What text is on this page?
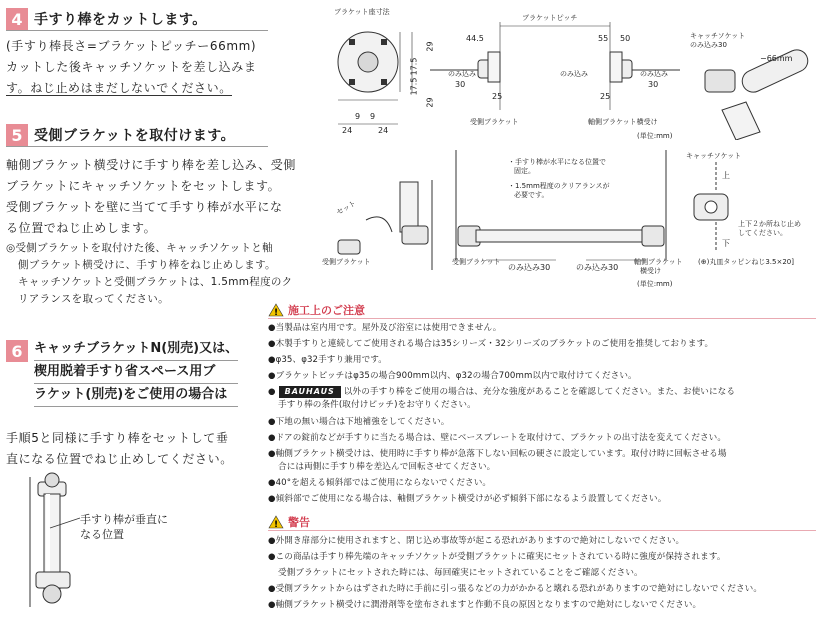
4 手すり棒をカットします。
(手すり棒長さ=ブラケットピッチー66mm)
カットした後キャッチソケットを差し込みま
す。ねじ止めはまだしないでください。
5 受側ブラケットを取付けます。
軸側ブラケット横受けに手すり棒を差し込み、受側
ブラケットにキャッチソケットをセットします。
受側ブラケットを壁に当てて手すり棒が水平にな
る位置でねじ止めします。
◎受側ブラケットを取付けた後、キャッチソケットと軸
側ブラケット横受けに、手すり棒をねじ止めします。
キャッチソケットと受側ブラケットは、1.5mm程度のク
リアランスを取ってください。
6 キャッチブラケットN(別売)又は、
楔用脱着手すり省スペース用ブ
ラケット(別売)をご使用の場合は
手順5と同様に手すり棒をセットして垂
直になる位置でねじ止めしてください。
手すり棒が垂直に
なる位置
ブラケット座寸法
29
17.5
17.5
29
9 9
24	24
ブラケットピッチ
44.5	55 50
のみ込み
30
25
のみ込み	のみ込み
30
25
受側ブラケット	軸側ブラケット横受け
(単位:mm)
キャッチソケット
のみ込み30
−66mm
セット
受側ブラケット
・手すり棒が水平になる位置で
固定。
・1.5mm程度のクリアランスが
必要です。
受側ブラケット
のみ込み30	のみ込み30
軸側ブラケット
横受け
(単位:mm)
キャッチソケット
上
下
上下２か所ねじ止め
してください。
(⊕)丸皿タッピンねじ3.5×20]
! 施工上のご注意
●当製品は室内用です。屋外及び浴室には使用できません。
●木製手すりと連続してご使用される場合は35シリーズ・32シリーズのブラケットのご使用を推奨しております。
●φ35、φ32手すり兼用です。
●ブラケットピッチはφ35の場合900mm以内、φ32の場合700mm以内で取付けてください。
● BAUHAUS 以外の手すり棒をご使用の場合は、充分な強度があることを確認してください。また、お使いになる
手すり棒の条件(取付けピッチ)をお守りください。
●下地の無い場合は下地補強をしてください。
●ドアの錠前などが手すりに当たる場合は、壁にベースプレートを取付けて、ブラケットの出寸法を変えてください。
●軸側ブラケット横受けは、使用時に手すり棒が急落下しない回転の硬さに設定しています。取付け時に回転させる場
合には両側に手すり棒を差込んで回転させてください。
●40°を超える傾斜部ではご使用にならないでください。
●傾斜部でご使用になる場合は、軸側ブラケット横受けが必ず傾斜下部になるよう設置してください。
! 警告
●外開き扉部分に使用されますと、閉じ込め事故等が起こる恐れがありますので絶対にしないでください。
●この商品は手すり棒先端のキャッチソケットが受側ブラケットに確実にセットされている時に強度が保持されます。
受側ブラケットにセットされた時には、毎回確実にセットされていることをご確認ください。
●受側ブラケットからはずされた時に手前に引っ張るなどの力がかかると壊れる恐れがありますので絶対にしないでください。
●軸側ブラケット横受けに潤滑剤等を塗布されますと作動不良の原因となりますので絶対にしないでください。
